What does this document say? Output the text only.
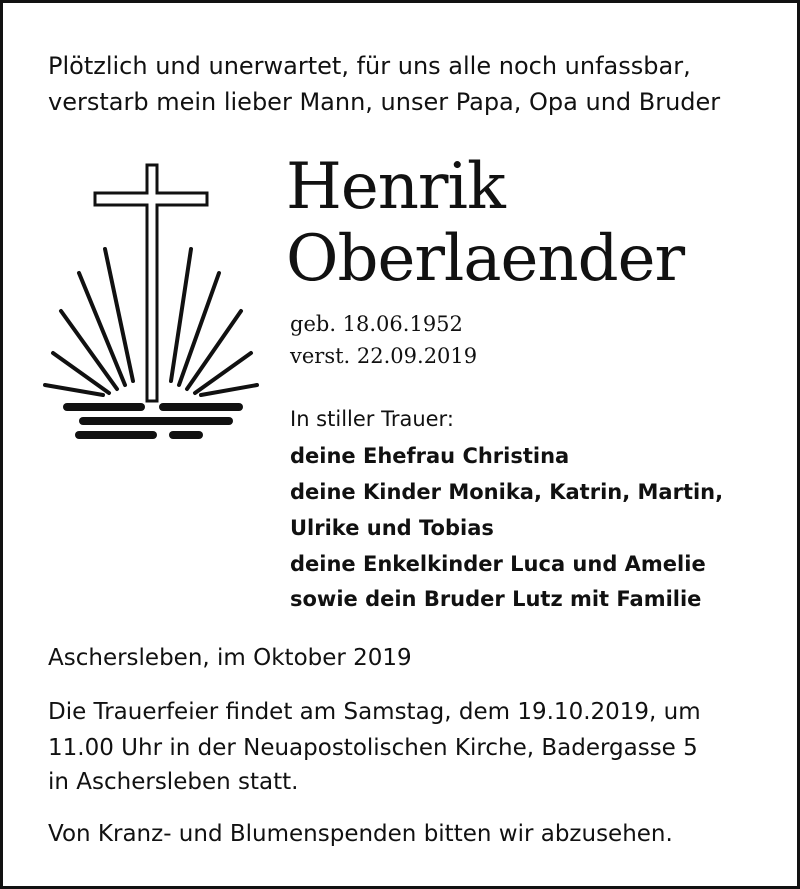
Plötzlich und unerwartet, für uns alle noch unfassbar,
verstarb mein lieber Mann, unser Papa, Opa und Bruder
Henrik
Oberlaender
geb. 18.06.1952
verst. 22.09.2019
In stiller Trauer:
deine Ehefrau Christina
deine Kinder Monika, Katrin, Martin,
Ulrike und Tobias
deine Enkelkinder Luca und Amelie
sowie dein Bruder Lutz mit Familie
Aschersleben, im Oktober 2019
Die Trauerfeier findet am Samstag, dem 19.10.2019, um
11.00 Uhr in der Neuapostolischen Kirche, Badergasse 5
in Aschersleben statt.
Von Kranz- und Blumenspenden bitten wir abzusehen.
